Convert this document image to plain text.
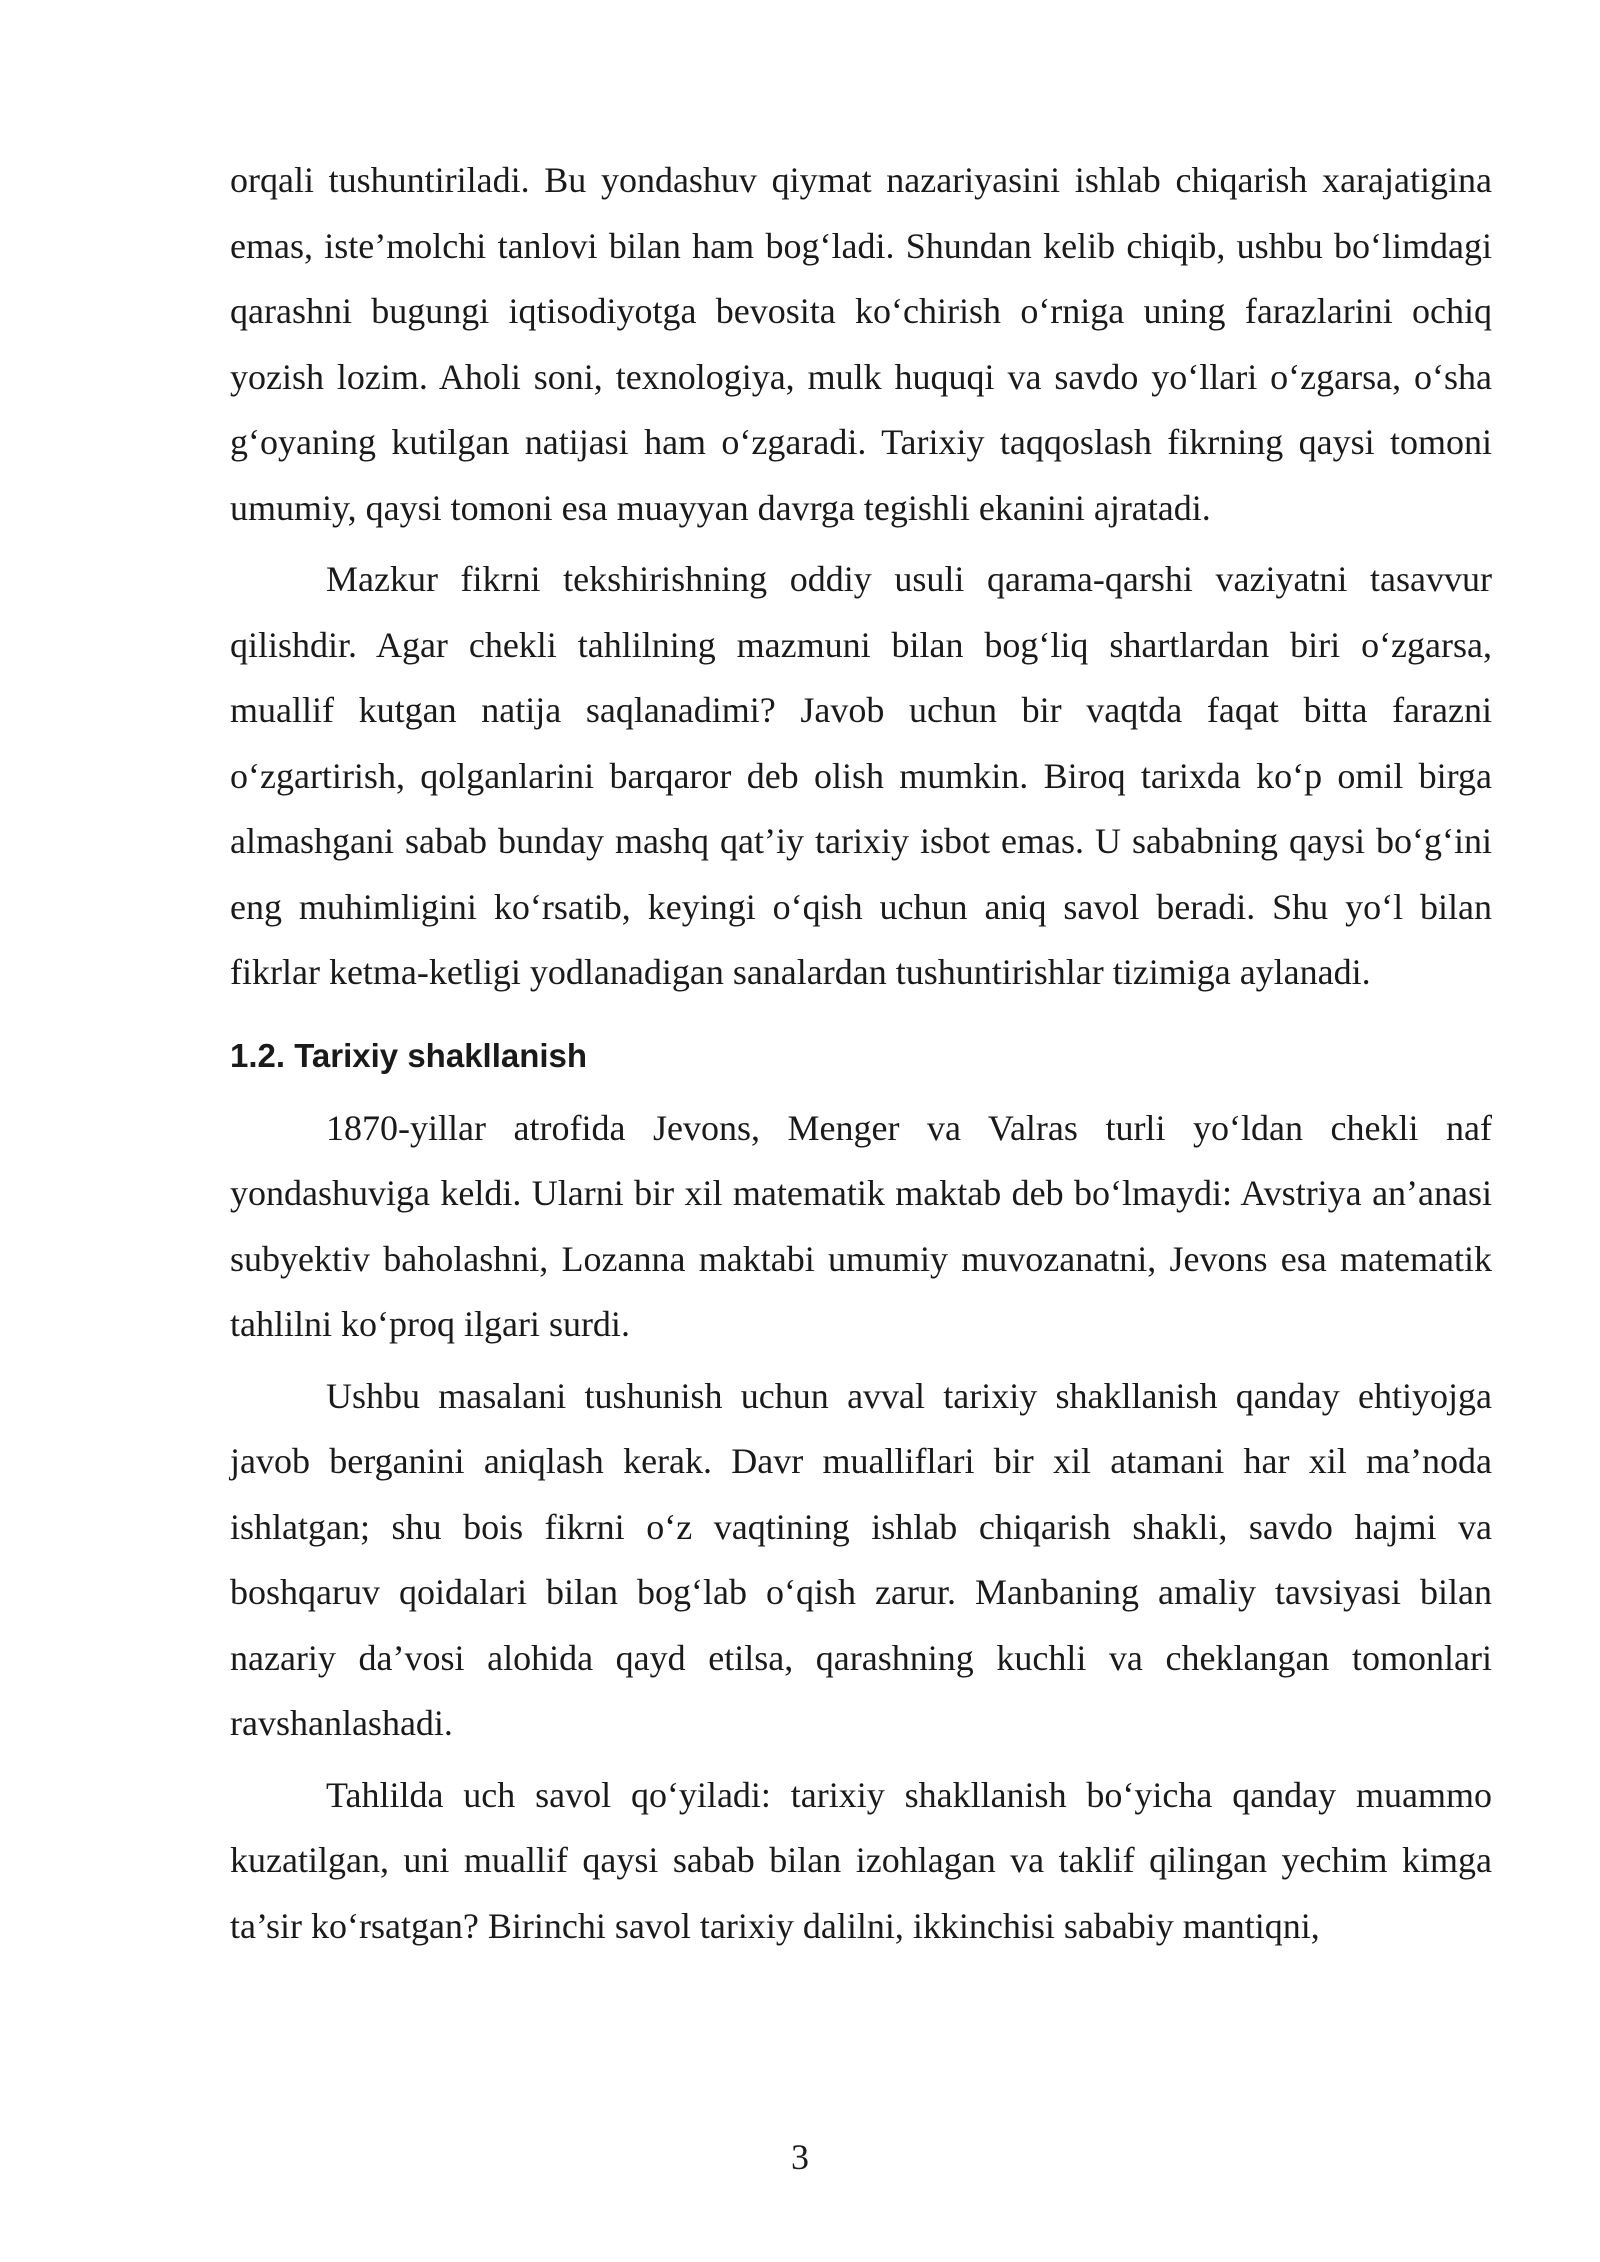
orqali tushuntiriladi. Bu yondashuv qiymat nazariyasini ishlab chiqarish xarajatigina emas, iste’molchi tanlovi bilan ham bog‘ladi. Shundan kelib chiqib, ushbu bo‘limdagi qarashni bugungi iqtisodiyotga bevosita ko‘chirish o‘rniga uning farazlarini ochiq yozish lozim. Aholi soni, texnologiya, mulk huquqi va savdo yo‘llari o‘zgarsa, o‘sha g‘oyaning kutilgan natijasi ham o‘zgaradi. Tarixiy taqqoslash fikrning qaysi tomoni umumiy, qaysi tomoni esa muayyan davrga tegishli ekanini ajratadi.

Mazkur fikrni tekshirishning oddiy usuli qarama-qarshi vaziyatni tasavvur qilishdir. Agar chekli tahlilning mazmuni bilan bog‘liq shartlardan biri o‘zgarsa, muallif kutgan natija saqlanadimi? Javob uchun bir vaqtda faqat bitta farazni o‘zgartirish, qolganlarini barqaror deb olish mumkin. Biroq tarixda ko‘p omil birga almashgani sabab bunday mashq qat’iy tarixiy isbot emas. U sababning qaysi bo‘g‘ini eng muhimligini ko‘rsatib, keyingi o‘qish uchun aniq savol beradi. Shu yo‘l bilan fikrlar ketma-ketligi yodlanadigan sanalardan tushuntirishlar tizimiga aylanadi.

1.2. Tarixiy shakllanish

1870-yillar atrofida Jevons, Menger va Valras turli yo‘ldan chekli naf yondashuviga keldi. Ularni bir xil matematik maktab deb bo‘lmaydi: Avstriya an’anasi subyektiv baholashni, Lozanna maktabi umumiy muvozanatni, Jevons esa matematik tahlilni ko‘proq ilgari surdi.

Ushbu masalani tushunish uchun avval tarixiy shakllanish qanday ehtiyojga javob berganini aniqlash kerak. Davr mualliflari bir xil atamani har xil ma’noda ishlatgan; shu bois fikrni o‘z vaqtining ishlab chiqarish shakli, savdo hajmi va boshqaruv qoidalari bilan bog‘lab o‘qish zarur. Manbaning amaliy tavsiyasi bilan nazariy da’vosi alohida qayd etilsa, qarashning kuchli va cheklangan tomonlari ravshanlashadi.

Tahlilda uch savol qo‘yiladi: tarixiy shakllanish bo‘yicha qanday muammo kuzatilgan, uni muallif qaysi sabab bilan izohlagan va taklif qilingan yechim kimga ta’sir ko‘rsatgan? Birinchi savol tarixiy dalilni, ikkinchisi sababiy mantiqni,

3
